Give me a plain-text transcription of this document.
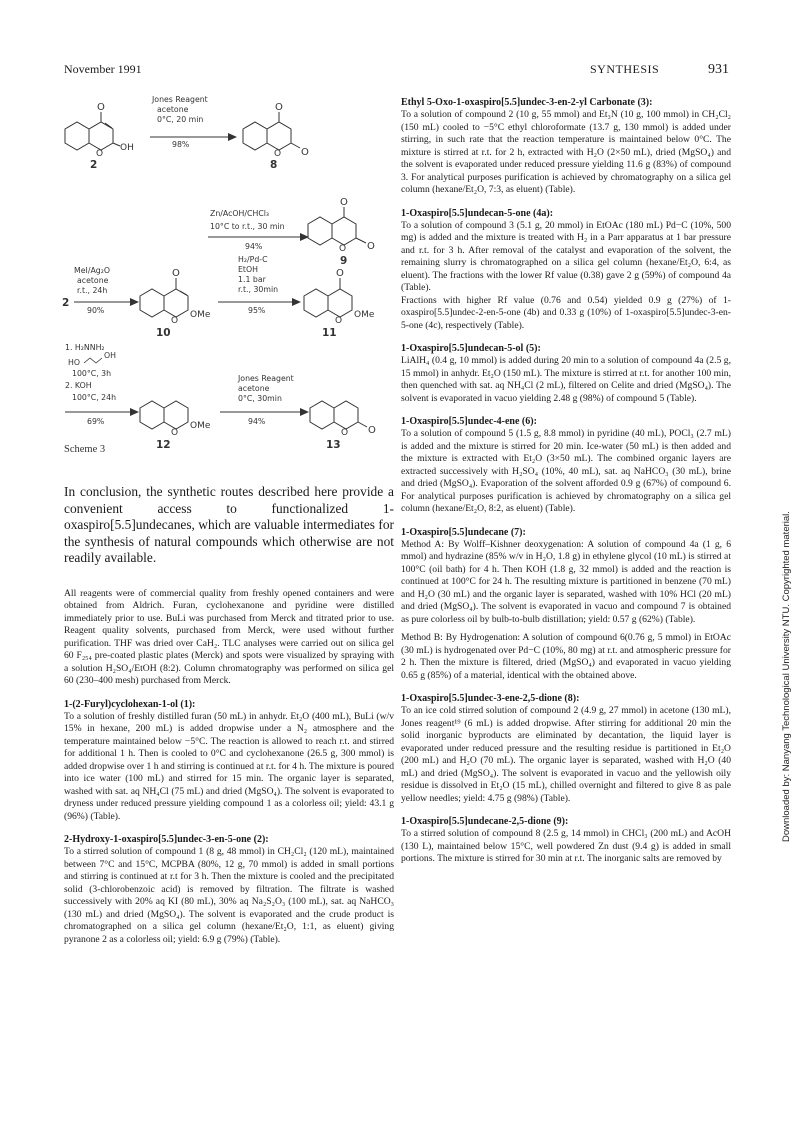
November 1991	SYNTHESIS	931
O
O
OH
O
O O
O
O O
O
O
OMe
O
O
OMe
O
OMe
O O
2	8
9
2
10	11
12	13
Jones Reagent
acetone
0°C, 20 min
98%
Zn/AcOH/CHCl₃
10°C to r.t., 30 min
94%
MeI/Ag₂O
acetone
r.t., 24h
90%
H₂/Pd-C
EtOH
1.1 bar
r.t., 30min
95%
1. H₂NNH₂
HO
OH
100°C, 3h
2. KOH
100°C, 24h
69%
Jones Reagent
acetone
0°C, 30min
94%
Scheme 3

In conclusion, the synthetic routes described here provide a convenient access to functionalized 1-oxaspiro[5.5]undecanes, which are valuable intermediates for the synthesis of natural compounds which otherwise are not readily available.

All reagents were of commercial quality from freshly opened containers and were obtained from Aldrich. Furan, cyclohexanone and pyridine were distilled immediately prior to use. BuLi was purchased from Merck and titrated prior to use. Reagent quality solvents, purchased from Merck, were used without further purification. THF was dried over CaH₂. TLC analyses were carried out on silica gel 60 F₂₅₄ pre-coated plastic plates (Merck) and spots were visualized by spraying with a solution H₂SO₄/EtOH (8:2). Column chromatography was performed on silica gel 60 (230–400 mesh) purchased from Merck.

1-(2-Furyl)cyclohexan-1-ol (1):

To a solution of freshly distilled furan (50 mL) in anhydr. Et₂O (400 mL), BuLi (w/v 15% in hexane, 200 mL) is added dropwise under a N₂ atmosphere and the temperature maintained below −5°C. The reaction is allowed to reach r.t. and stirred for additional 1 h. Then is cooled to 0°C and cyclohexanone (26.5 g, 300 mmol) is added dropwise over 1 h and stirring is continued at r.t. for 4 h. The mixture is poured into ice water (100 mL) and stirred for 15 min. The organic layer is separated, washed with sat. aq NH₄Cl (75 mL) and dried (MgSO₄). The solvent is evaporated to dryness under reduced pressure yielding compound 1 as a colorless oil; yield: 43.1 g (96%) (Table).

2-Hydroxy-1-oxaspiro[5.5]undec-3-en-5-one (2):

To a stirred solution of compound 1 (8 g, 48 mmol) in CH₂Cl₂ (120 mL), maintained between 7°C and 15°C, MCPBA (80%, 12 g, 70 mmol) is added in small portions and stirring is continued at r.t for 3 h. Then the mixture is cooled and the precipitated solid (3-chlorobenzoic acid) is removed by filtration. The filtrate is washed successively with 20% aq KI (80 mL), 30% aq Na₂S₂O₃ (100 mL), sat. aq NaHCO₃ (130 mL) and dried (MgSO₄). The solvent is evaporated and the crude product is chromatographed on a silica gel column (hexane/Et₂O, 1:1, as eluent) giving pyranone 2 as a colorless oil; yield: 6.9 g (79%) (Table).

Ethyl 5-Oxo-1-oxaspiro[5.5]undec-3-en-2-yl Carbonate (3):

To a solution of compound 2 (10 g, 55 mmol) and Et₃N (10 g, 100 mmol) in CH₂Cl₂ (150 mL) cooled to −5°C ethyl chloroformate (13.7 g, 130 mmol) is added under stirring, in such rate that the reaction temperature is maintained below 0°C. The mixture is stirred at r.t. for 2 h, extracted with H₂O (2×50 mL), dried (MgSO₄) and the solvent is evaporated under reduced pressure yielding 11.6 g (83%) of compound 3. For analytical purposes purification is achieved by chromatography on a silica gel column (hexane/Et₂O, 7:3, as eluent) (Table).

1-Oxaspiro[5.5]undecan-5-one (4a):

To a solution of compound 3 (5.1 g, 20 mmol) in EtOAc (180 mL) Pd−C (10%, 500 mg) is added and the mixture is treated with H₂ in a Parr apparatus at 1 bar pressure and r.t. for 3 h. After removal of the catalyst and evaporation of the solvent, the remaining slurry is chromatographed on a silica gel column (hexane/Et₂O, 6:4, as eluent). The fractions with the lower Rf value (0.38) gave 2 g (59%) of compound 4a (Table).

Fractions with higher Rf value (0.76 and 0.54) yielded 0.9 g (27%) of 1-oxaspiro[5.5]undec-2-en-5-one (4b) and 0.33 g (10%) of 1-oxaspiro[5.5]undec-3-en-5-one (4c), respectively (Table).

1-Oxaspiro[5.5]undecan-5-ol (5):

LiAlH₄ (0.4 g, 10 mmol) is added during 20 min to a solution of compound 4a (2.5 g, 15 mmol) in anhydr. Et₂O (150 mL). The mixture is stirred at r.t. for another 100 min, then quenched with sat. aq NH₄Cl (2 mL), filtered on Celite and dried (MgSO₄). The solvent is evaporated in vacuo yielding 2.48 g (98%) of compound 5 (Table).

1-Oxaspiro[5.5]undec-4-ene (6):

To a solution of compound 5 (1.5 g, 8.8 mmol) in pyridine (40 mL), POCl₃ (2.7 mL) is added and the mixture is stirred for 20 min. Ice-water (50 mL) is then added and the mixture is extracted with Et₂O (3×50 mL). The combined organic layers are extracted successively with H₂SO₄ (10%, 40 mL), sat. aq NaHCO₃ (30 mL), brine and dried (MgSO₄). Evaporation of the solvent afforded 0.9 g (67%) of compound 6. For analytical purposes purification is achieved by chromatography on a silica gel column (hexane/Et₂O, 8:2, as eluent) (Table).

1-Oxaspiro[5.5]undecane (7):

Method A: By Wolff–Kishner deoxygenation: A solution of compound 4a (1 g, 6 mmol) and hydrazine (85% w/v in H₂O, 1.8 g) in ethylene glycol (10 mL) is stirred at 100°C (oil bath) for 4 h. Then KOH (1.8 g, 32 mmol) is added and the reaction is continued at 100°C for 24 h. The resulting mixture is partitioned in benzene (70 mL) and H₂O (30 mL) and the organic layer is separated, washed with 10% HCl (20 mL) and dried (MgSO₄). The solvent is evaporated in vacuo and compound 7 is obtained as pure colorless oil by bulb-to-bulb distillation; yield: 0.57 g (62%) (Table).

Method B: By Hydrogenation: A solution of compound 6(0.76 g, 5 mmol) in EtOAc (30 mL) is hydrogenated over Pd−C (10%, 80 mg) at r.t. and atmospheric pressure for 2 h. Then the mixture is filtered, dried (MgSO₄) and evaporated in vacuo yielding 0.65 g (85%) of a material, identical with the obtained above.

1-Oxaspiro[5.5]undec-3-ene-2,5-dione (8):

To an ice cold stirred solution of compound 2 (4.9 g, 27 mmol) in acetone (130 mL), Jones reagent¹⁹ (6 mL) is added dropwise. After stirring for additional 20 min the solid inorganic byproducts are eliminated by decantation, the liquid layer is evaporated under reduced pressure and the resulting residue is partitioned in Et₂O (200 mL) and H₂O (70 mL). The organic layer is separated, washed with H₂O (40 mL) and dried (MgSO₄). The solvent is evaporated in vacuo and the yellowish oily residue is dissolved in Et₂O (15 mL), chilled overnight and filtered to give 8 as pale yellow needles; yield: 4.75 g (98%) (Table).

1-Oxaspiro[5.5]undecane-2,5-dione (9):

To a stirred solution of compound 8 (2.5 g, 14 mmol) in CHCl₃ (200 mL) and AcOH (130 L), maintained below 15°C, well powdered Zn dust (9.4 g) is added in small portions. The mixture is stirred for 30 min at r.t. The inorganic salts are removed by

Downloaded by: Nanyang Technological University NTU. Copyrighted material.
